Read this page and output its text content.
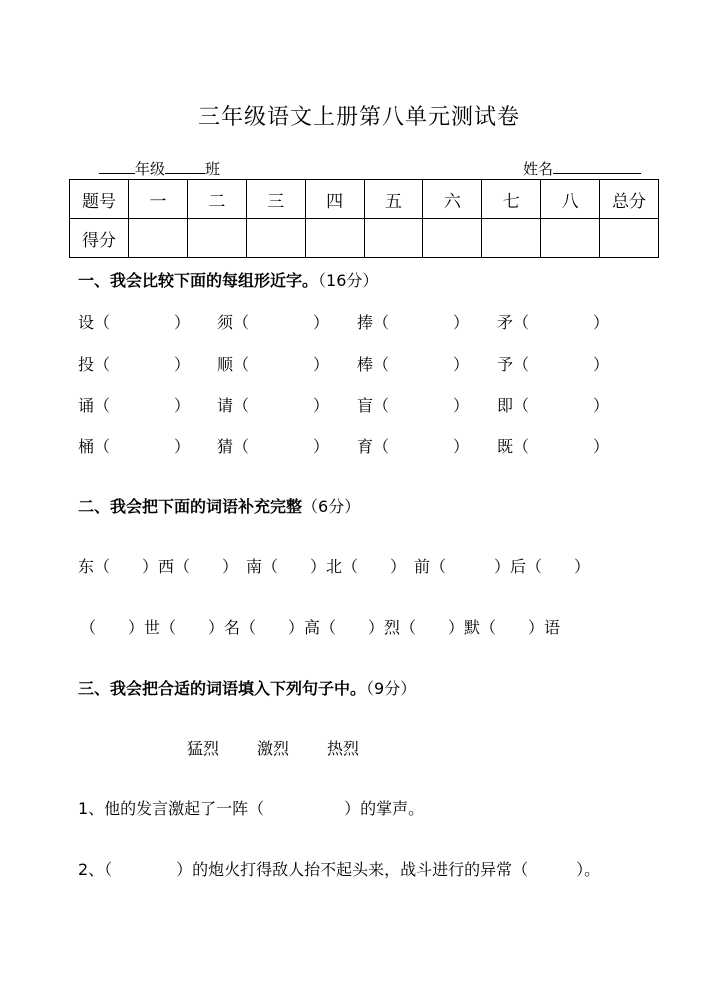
三年级语文上册第八单元测试卷
年级	班	姓名
题号	一	二	三	四	五	六	七	八	总分
得分									
一、我会比较下面的每组形近字。（16分）
设（　　　　） 须（　　　　） 捧（　　　　） 矛（　　　　）
投（　　　　） 顺（　　　　） 棒（　　　　） 予（　　　　）
诵（　　　　） 请（　　　　） 盲（　　　　） 即（　　　　）
桶（　　　　） 猜（　　　　） 育（　　　　） 既（　　　　）
二、我会把下面的词语补充完整（6分）
东（　　）西（　　）　南（　　）北（　　）　前（　　　）后（　　）
（　　）世（　　）名（　　）高（　　）烈（　　）默（　　）语
三、我会把合适的词语填入下列句子中。（9分）
猛烈 激烈 热烈
1、他的发言激起了一阵（　　　　　）的掌声。
2、（　　　　）的炮火打得敌人抬不起头来，战斗进行的异常（　　　）。
